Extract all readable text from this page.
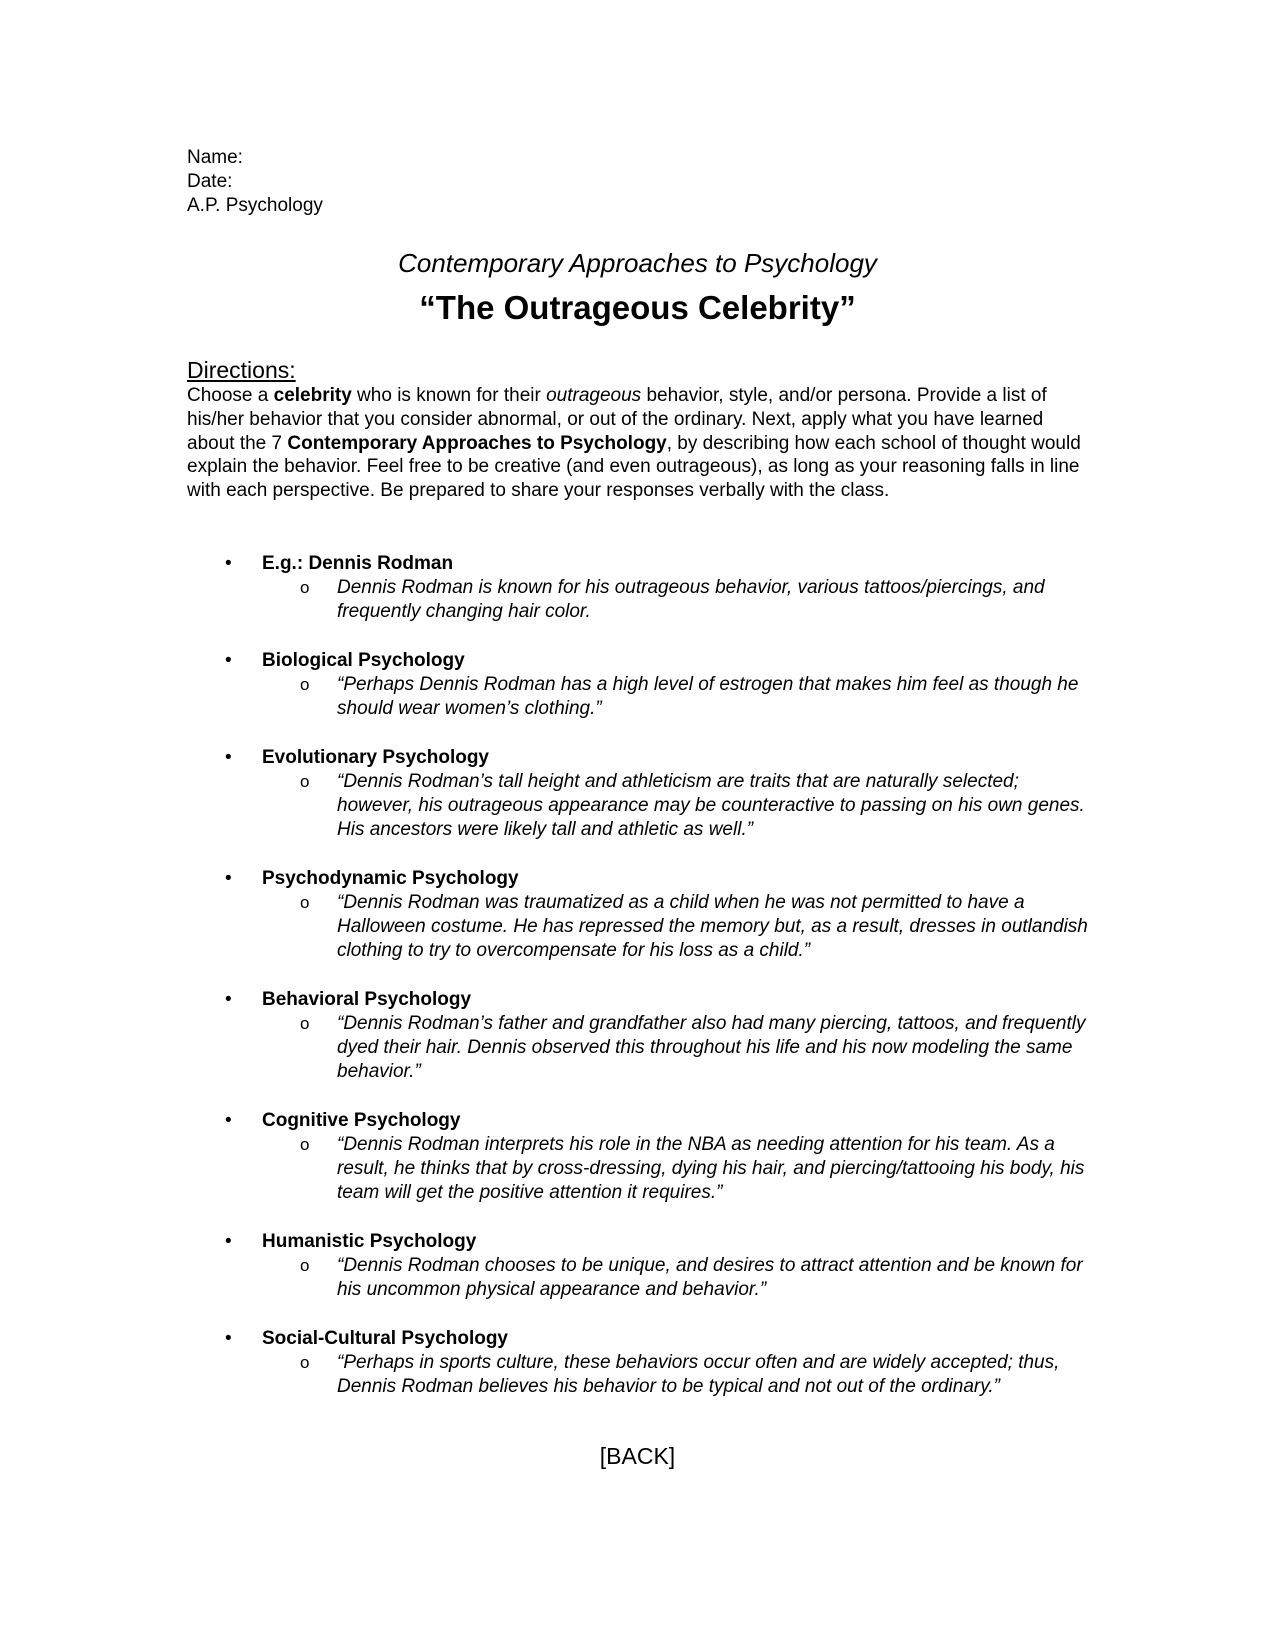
Name:
Date:
A.P. Psychology
Contemporary Approaches to Psychology
“The Outrageous Celebrity”
Directions:
Choose a celebrity who is known for their outrageous behavior, style, and/or persona. Provide a list of his/her behavior that you consider abnormal, or out of the ordinary. Next, apply what you have learned about the 7 Contemporary Approaches to Psychology, by describing how each school of thought would explain the behavior. Feel free to be creative (and even outrageous), as long as your reasoning falls in line with each perspective. Be prepared to share your responses verbally with the class.
• E.g.: Dennis Rodman
o Dennis Rodman is known for his outrageous behavior, various tattoos/piercings, and frequently changing hair color.
• Biological Psychology
o “Perhaps Dennis Rodman has a high level of estrogen that makes him feel as though he should wear women’s clothing.”
• Evolutionary Psychology
o “Dennis Rodman’s tall height and athleticism are traits that are naturally selected; however, his outrageous appearance may be counteractive to passing on his own genes. His ancestors were likely tall and athletic as well.”
• Psychodynamic Psychology
o “Dennis Rodman was traumatized as a child when he was not permitted to have a Halloween costume. He has repressed the memory but, as a result, dresses in outlandish clothing to try to overcompensate for his loss as a child.”
• Behavioral Psychology
o “Dennis Rodman’s father and grandfather also had many piercing, tattoos, and frequently dyed their hair. Dennis observed this throughout his life and his now modeling the same behavior.”
• Cognitive Psychology
o “Dennis Rodman interprets his role in the NBA as needing attention for his team. As a result, he thinks that by cross-dressing, dying his hair, and piercing/tattooing his body, his team will get the positive attention it requires.”
• Humanistic Psychology
o “Dennis Rodman chooses to be unique, and desires to attract attention and be known for his uncommon physical appearance and behavior.”
• Social-Cultural Psychology
o “Perhaps in sports culture, these behaviors occur often and are widely accepted; thus, Dennis Rodman believes his behavior to be typical and not out of the ordinary.”
[BACK]
